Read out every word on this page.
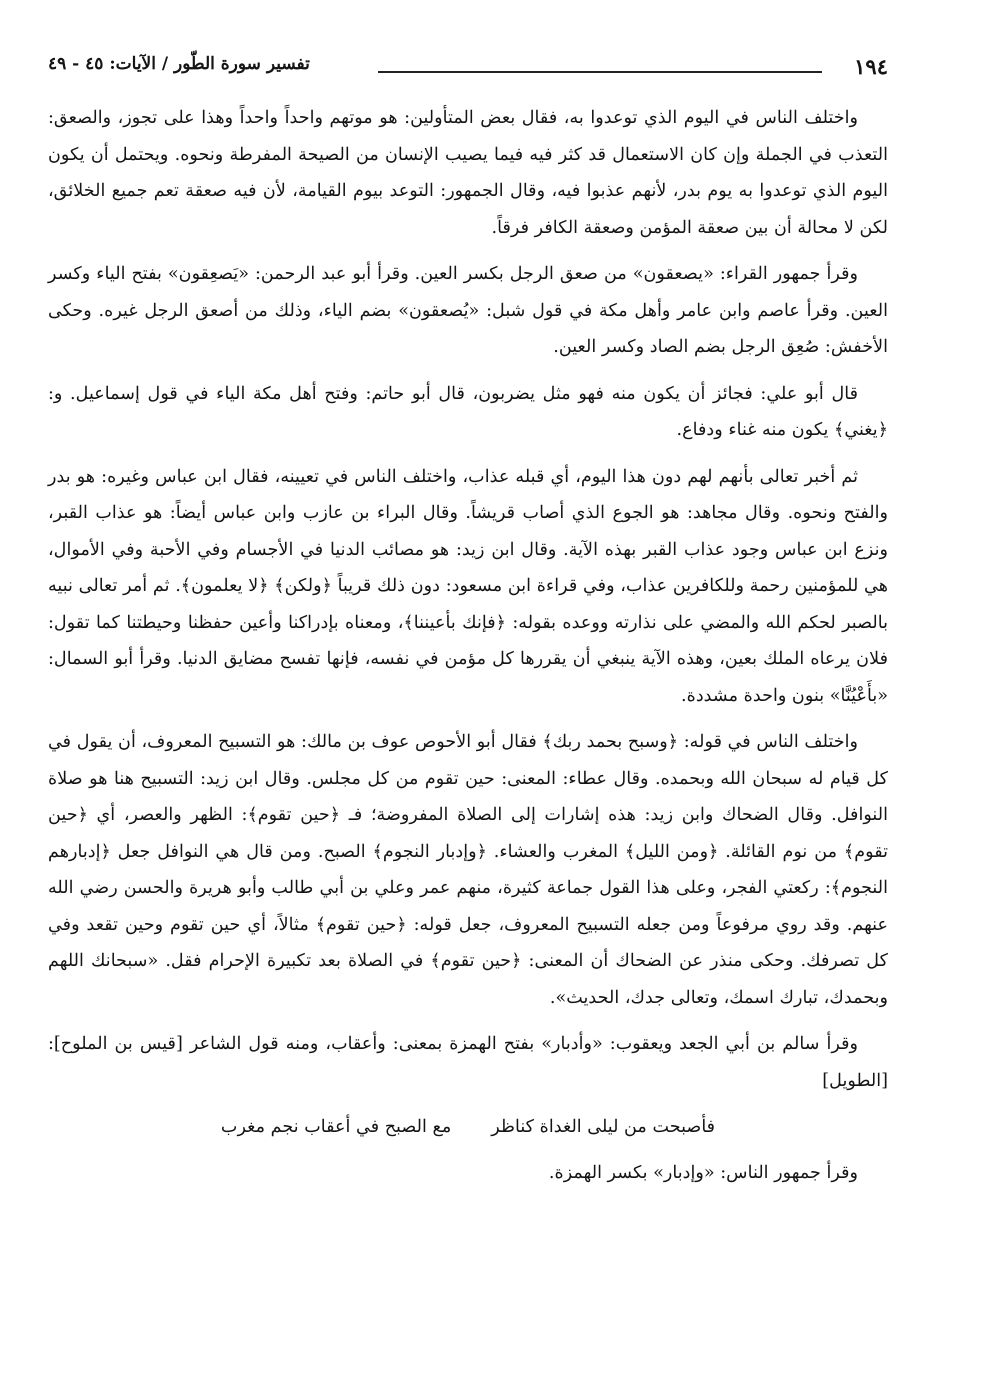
١٩٤
تفسير سورة الطّور / الآيات: ٤٥ - ٤٩

واختلف الناس في اليوم الذي توعدوا به، فقال بعض المتأولين: هو موتهم واحداً واحداً وهذا على تجوز، والصعق: التعذب في الجملة وإن كان الاستعمال قد كثر فيه فيما يصيب الإنسان من الصيحة المفرطة ونحوه. ويحتمل أن يكون اليوم الذي توعدوا به يوم بدر، لأنهم عذبوا فيه، وقال الجمهور: التوعد بيوم القيامة، لأن فيه صعقة تعم جميع الخلائق، لكن لا محالة أن بين صعقة المؤمن وصعقة الكافر فرقاً.

وقرأ جمهور القراء: «يصعقون» من صعق الرجل بكسر العين. وقرأ أبو عبد الرحمن: «يَصعِقون» بفتح الياء وكسر العين. وقرأ عاصم وابن عامر وأهل مكة في قول شبل: «يُصعقون» بضم الياء، وذلك من أصعق الرجل غيره. وحكى الأخفش: صُعِق الرجل بضم الصاد وكسر العين.

قال أبو علي: فجائز أن يكون منه فهو مثل يضربون، قال أبو حاتم: وفتح أهل مكة الياء في قول إسماعيل. و: ﴿يغني﴾ يكون منه غناء ودفاع.

ثم أخبر تعالى بأنهم لهم دون هذا اليوم، أي قبله عذاب، واختلف الناس في تعيينه، فقال ابن عباس وغيره: هو بدر والفتح ونحوه. وقال مجاهد: هو الجوع الذي أصاب قريشاً. وقال البراء بن عازب وابن عباس أيضاً: هو عذاب القبر، ونزع ابن عباس وجود عذاب القبر بهذه الآية. وقال ابن زيد: هو مصائب الدنيا في الأجسام وفي الأحبة وفي الأموال، هي للمؤمنين رحمة وللكافرين عذاب، وفي قراءة ابن مسعود: دون ذلك قريباً ﴿ولكن﴾ ﴿لا يعلمون﴾. ثم أمر تعالى نبيه بالصبر لحكم الله والمضي على نذارته ووعده بقوله: ﴿فإنك بأعيننا﴾، ومعناه بإدراكنا وأعين حفظنا وحيطتنا كما تقول: فلان يرعاه الملك بعين، وهذه الآية ينبغي أن يقررها كل مؤمن في نفسه، فإنها تفسح مضايق الدنيا. وقرأ أبو السمال: «بأَعْيُنَّا» بنون واحدة مشددة.

واختلف الناس في قوله: ﴿وسبح بحمد ربك﴾ فقال أبو الأحوص عوف بن مالك: هو التسبيح المعروف، أن يقول في كل قيام له سبحان الله وبحمده. وقال عطاء: المعنى: حين تقوم من كل مجلس. وقال ابن زيد: التسبيح هنا هو صلاة النوافل. وقال الضحاك وابن زيد: هذه إشارات إلى الصلاة المفروضة؛ فـ ﴿حين تقوم﴾: الظهر والعصر، أي ﴿حين تقوم﴾ من نوم القائلة. ﴿ومن الليل﴾ المغرب والعشاء. ﴿وإدبار النجوم﴾ الصبح. ومن قال هي النوافل جعل ﴿إدبارهم النجوم﴾: ركعتي الفجر، وعلى هذا القول جماعة كثيرة، منهم عمر وعلي بن أبي طالب وأبو هريرة والحسن رضي الله عنهم. وقد روي مرفوعاً ومن جعله التسبيح المعروف، جعل قوله: ﴿حين تقوم﴾ مثالاً، أي حين تقوم وحين تقعد وفي كل تصرفك. وحكى منذر عن الضحاك أن المعنى: ﴿حين تقوم﴾ في الصلاة بعد تكبيرة الإحرام فقل. «سبحانك اللهم وبحمدك، تبارك اسمك، وتعالى جدك، الحديث».

وقرأ سالم بن أبي الجعد ويعقوب: «وأدبار» بفتح الهمزة بمعنى: وأعقاب، ومنه قول الشاعر [قيس بن الملوح]: [الطويل]

فأصبحت من ليلى الغداة كناظر
مع الصبح في أعقاب نجم مغرب

وقرأ جمهور الناس: «وإدبار» بكسر الهمزة.
